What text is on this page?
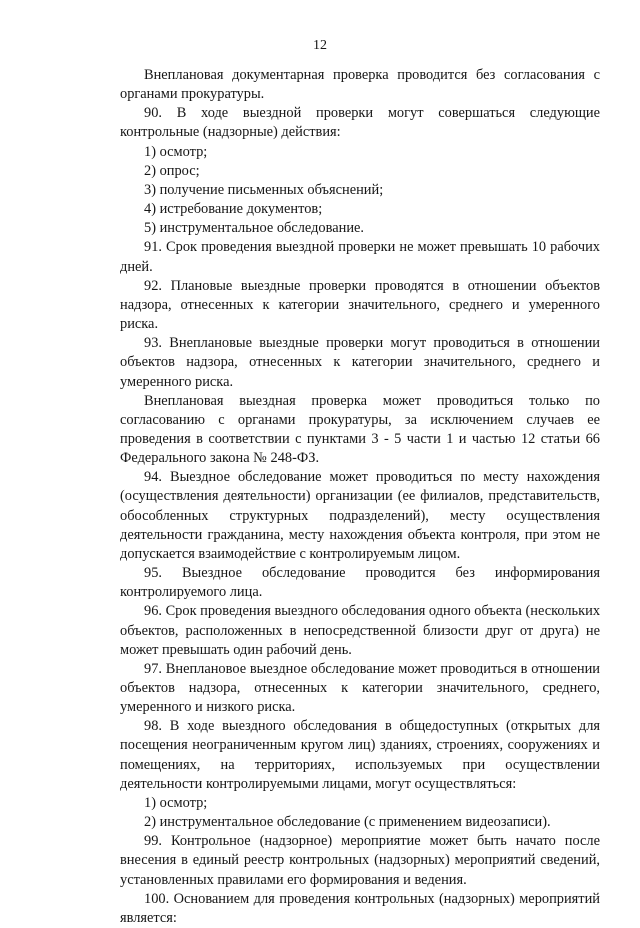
12

Внеплановая документарная проверка проводится без согласования с органами прокуратуры.

90. В ходе выездной проверки могут совершаться следующие контрольные (надзорные) действия:

1) осмотр;

2) опрос;

3) получение письменных объяснений;

4) истребование документов;

5) инструментальное обследование.

91. Срок проведения выездной проверки не может превышать 10 рабочих дней.

92. Плановые выездные проверки проводятся в отношении объектов надзора, отнесенных к категории значительного, среднего и умеренного риска.

93. Внеплановые выездные проверки могут проводиться в отношении объектов надзора, отнесенных к категории значительного, среднего и умеренного риска.

Внеплановая выездная проверка может проводиться только по согласованию с органами прокуратуры, за исключением случаев ее проведения в соответствии с пунктами 3 - 5 части 1 и частью 12 статьи 66 Федерального закона № 248-ФЗ.

94. Выездное обследование может проводиться по месту нахождения (осуществления деятельности) организации (ее филиалов, представительств, обособленных структурных подразделений), месту осуществления деятельности гражданина, месту нахождения объекта контроля, при этом не допускается взаимодействие с контролируемым лицом.

95. Выездное обследование проводится без информирования контролируемого лица.

96. Срок проведения выездного обследования одного объекта (нескольких объектов, расположенных в непосредственной близости друг от друга) не может превышать один рабочий день.

97. Внеплановое выездное обследование может проводиться в отношении объектов надзора, отнесенных к категории значительного, среднего, умеренного и низкого риска.

98. В ходе выездного обследования в общедоступных (открытых для посещения неограниченным кругом лиц) зданиях, строениях, сооружениях и помещениях, на территориях, используемых при осуществлении деятельности контролируемыми лицами, могут осуществляться:

1) осмотр;

2) инструментальное обследование (с применением видеозаписи).

99. Контрольное (надзорное) мероприятие может быть начато после внесения в единый реестр контрольных (надзорных) мероприятий сведений, установленных правилами его формирования и ведения.

100. Основанием для проведения контрольных (надзорных) мероприятий является:
